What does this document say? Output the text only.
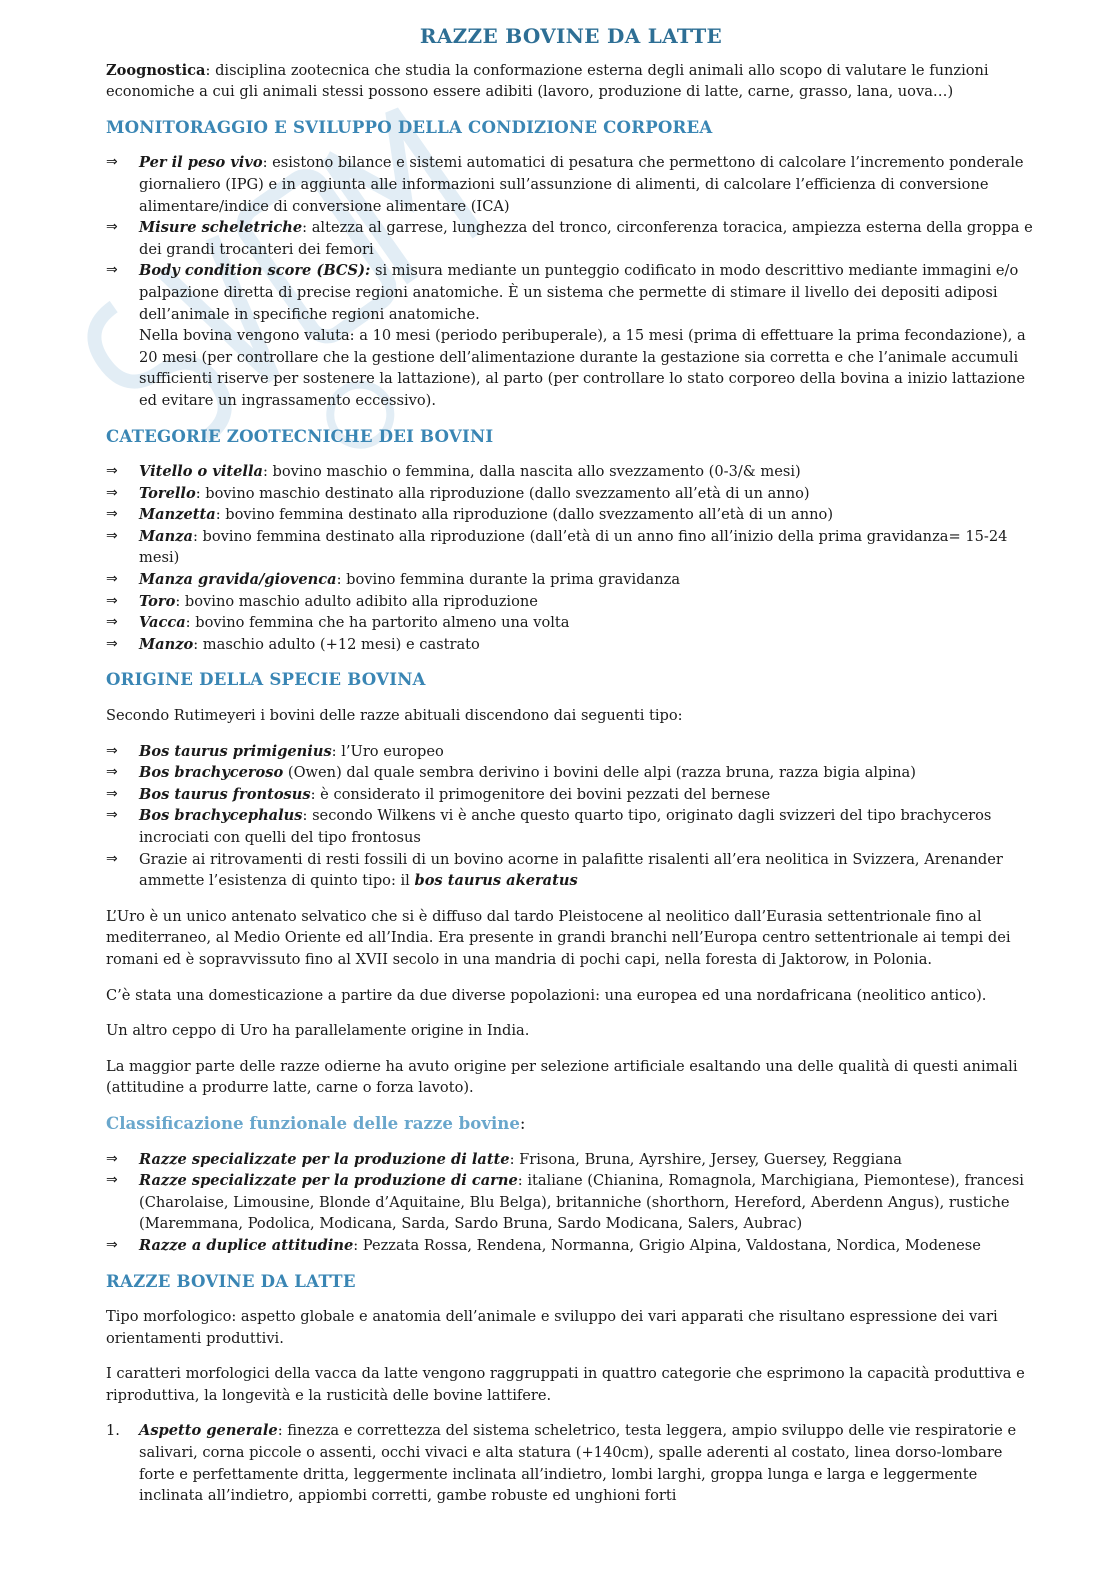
RAZZE BOVINE DA LATTE

Zoognostica: disciplina zootecnica che studia la conformazione esterna degli animali allo scopo di valutare le funzioni economiche a cui gli animali stessi possono essere adibiti (lavoro, produzione di latte, carne, grasso, lana, uova…)

MONITORAGGIO E SVILUPPO DELLA CONDIZIONE CORPOREA
⇒ Per il peso vivo: esistono bilance e sistemi automatici di pesatura che permettono di calcolare l’incremento ponderale giornaliero (IPG) e in aggiunta alle informazioni sull’assunzione di alimenti, di calcolare l’efficienza di conversione alimentare/indice di conversione alimentare (ICA)
⇒ Misure scheletriche: altezza al garrese, lunghezza del tronco, circonferenza toracica, ampiezza esterna della groppa e dei grandi trocanteri dei femori
⇒ Body condition score (BCS): si misura mediante un punteggio codificato in modo descrittivo mediante immagini e/o palpazione diretta di precise regioni anatomiche. È un sistema che permette di stimare il livello dei depositi adiposi dell’animale in specifiche regioni anatomiche.
Nella bovina vengono valuta: a 10 mesi (periodo peribuperale), a 15 mesi (prima di effettuare la prima fecondazione), a 20 mesi (per controllare che la gestione dell’alimentazione durante la gestazione sia corretta e che l’animale accumuli sufficienti riserve per sostenere la lattazione), al parto (per controllare lo stato corporeo della bovina a inizio lattazione ed evitare un ingrassamento eccessivo).
CATEGORIE ZOOTECNICHE DEI BOVINI
⇒ Vitello o vitella: bovino maschio o femmina, dalla nascita allo svezzamento (0-3/& mesi)
⇒ Torello: bovino maschio destinato alla riproduzione (dallo svezzamento all’età di un anno)
⇒ Manzetta: bovino femmina destinato alla riproduzione (dallo svezzamento all’età di un anno)
⇒ Manza: bovino femmina destinato alla riproduzione (dall’età di un anno fino all’inizio della prima gravidanza= 15-24 mesi)
⇒ Manza gravida/giovenca: bovino femmina durante la prima gravidanza
⇒ Toro: bovino maschio adulto adibito alla riproduzione
⇒ Vacca: bovino femmina che ha partorito almeno una volta
⇒ Manzo: maschio adulto (+12 mesi) e castrato
ORIGINE DELLA SPECIE BOVINA

Secondo Rutimeyeri i bovini delle razze abituali discendono dai seguenti tipo:

⇒ Bos taurus primigenius: l’Uro europeo
⇒ Bos brachyceroso (Owen) dal quale sembra derivino i bovini delle alpi (razza bruna, razza bigia alpina)
⇒ Bos taurus frontosus: è considerato il primogenitore dei bovini pezzati del bernese
⇒ Bos brachycephalus: secondo Wilkens vi è anche questo quarto tipo, originato dagli svizzeri del tipo brachyceros incrociati con quelli del tipo frontosus
⇒ Grazie ai ritrovamenti di resti fossili di un bovino acorne in palafitte risalenti all’era neolitica in Svizzera, Arenander ammette l’esistenza di quinto tipo: il bos taurus akeratus

L’Uro è un unico antenato selvatico che si è diffuso dal tardo Pleistocene al neolitico dall’Eurasia settentrionale fino al mediterraneo, al Medio Oriente ed all’India. Era presente in grandi branchi nell’Europa centro settentrionale ai tempi dei romani ed è sopravvissuto fino al XVII secolo in una mandria di pochi capi, nella foresta di Jaktorow, in Polonia.

C’è stata una domesticazione a partire da due diverse popolazioni: una europea ed una nordafricana (neolitico antico).

Un altro ceppo di Uro ha parallelamente origine in India.

La maggior parte delle razze odierne ha avuto origine per selezione artificiale esaltando una delle qualità di questi animali (attitudine a produrre latte, carne o forza lavoto).

Classificazione funzionale delle razze bovine:
⇒ Razze specializzate per la produzione di latte: Frisona, Bruna, Ayrshire, Jersey, Guersey, Reggiana
⇒ Razze specializzate per la produzione di carne: italiane (Chianina, Romagnola, Marchigiana, Piemontese), francesi (Charolaise, Limousine, Blonde d’Aquitaine, Blu Belga), britanniche (shorthorn, Hereford, Aberdenn Angus), rustiche (Maremmana, Podolica, Modicana, Sarda, Sardo Bruna, Sardo Modicana, Salers, Aubrac)
⇒ Razze a duplice attitudine: Pezzata Rossa, Rendena, Normanna, Grigio Alpina, Valdostana, Nordica, Modenese
RAZZE BOVINE DA LATTE

Tipo morfologico: aspetto globale e anatomia dell’animale e sviluppo dei vari apparati che risultano espressione dei vari orientamenti produttivi.

I caratteri morfologici della vacca da latte vengono raggruppati in quattro categorie che esprimono la capacità produttiva e riproduttiva, la longevità e la rusticità delle bovine lattifere.

1. Aspetto generale: finezza e correttezza del sistema scheletrico, testa leggera, ampio sviluppo delle vie respiratorie e salivari, corna piccole o assenti, occhi vivaci e alta statura (+140cm), spalle aderenti al costato, linea dorso-lombare forte e perfettamente dritta, leggermente inclinata all’indietro, lombi larghi, groppa lunga e larga e leggermente inclinata all’indietro, appiombi corretti, gambe robuste ed unghioni forti
